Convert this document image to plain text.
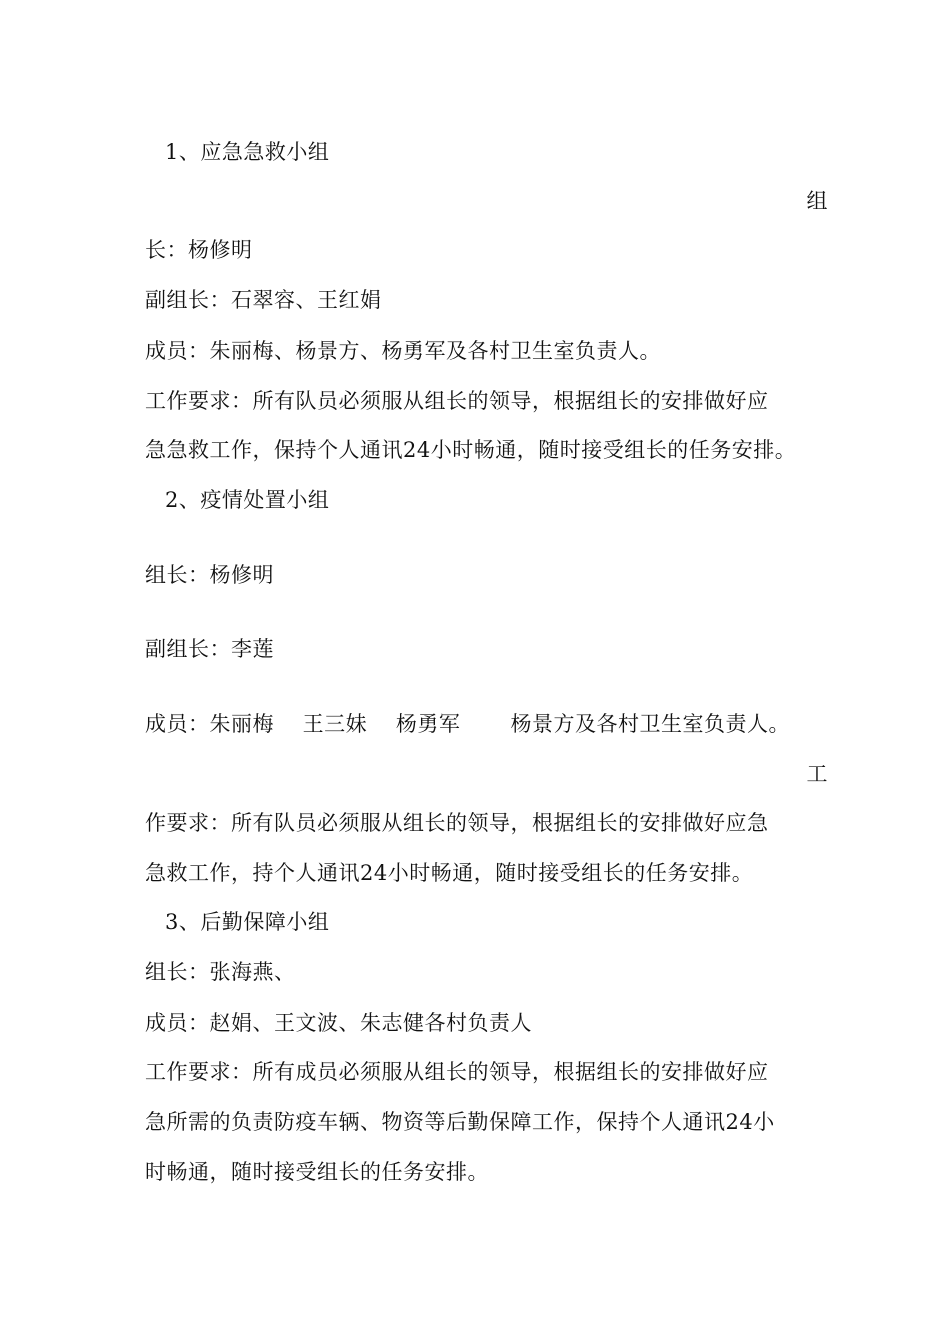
1、应急急救小组
组
长：杨修明
副组长：石翠容、王红娟
成员：朱丽梅、杨景方、杨勇军及各村卫生室负责人。
工作要求：所有队员必须服从组长的领导，根据组长的安排做好应
急急救工作，保持个人通讯24小时畅通，随时接受组长的任务安排。
2、疫情处置小组
组长：杨修明
副组长：李莲
成员：朱丽梅　 王三妹　 杨勇军　　 杨景方及各村卫生室负责人。
工
作要求：所有队员必须服从组长的领导，根据组长的安排做好应急
急救工作，持个人通讯24小时畅通，随时接受组长的任务安排。
3、后勤保障小组
组长：张海燕、
成员：赵娟、王文波、朱志健各村负责人
工作要求：所有成员必须服从组长的领导，根据组长的安排做好应
急所需的负责防疫车辆、物资等后勤保障工作，保持个人通讯24小
时畅通，随时接受组长的任务安排。
